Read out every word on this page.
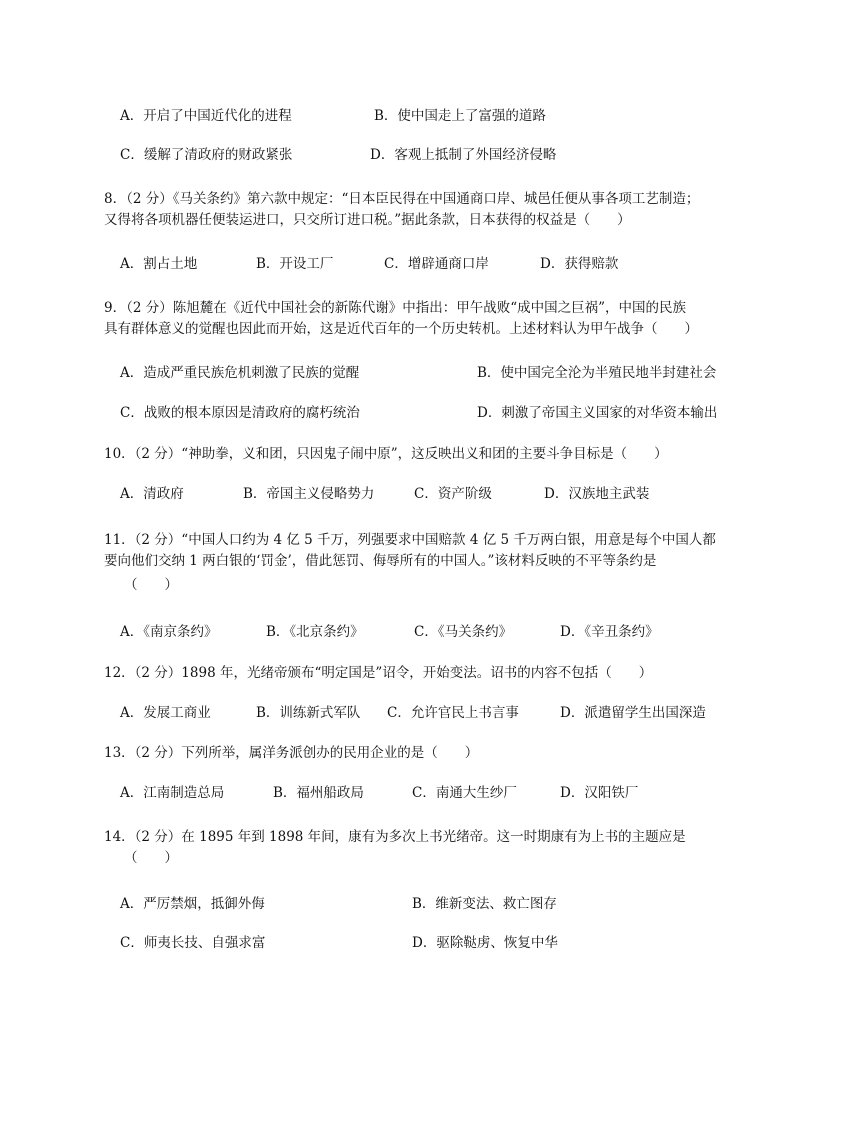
A．开启了中国近代化的进程	B．使中国走上了富强的道路
C．缓解了清政府的财政紧张	D．客观上抵制了外国经济侵略
8．（2 分）《马关条约》第六款中规定：“日本臣民得在中国通商口岸、城邑任便从事各项工艺制造；
又得将各项机器任便装运进口，只交所订进口税。”据此条款，日本获得的权益是（　　）
A．割占土地	B．开设工厂	C．增辟通商口岸	D．获得赔款
9．（2 分）陈旭麓在《近代中国社会的新陈代谢》中指出：甲午战败“成中国之巨祸”，中国的民族
具有群体意义的觉醒也因此而开始，这是近代百年的一个历史转机。上述材料认为甲午战争（　　）
A．造成严重民族危机刺激了民族的觉醒	B．使中国完全沦为半殖民地半封建社会
C．战败的根本原因是清政府的腐朽统治	D．刺激了帝国主义国家的对华资本输出
10．（2 分）“神助拳，义和团，只因鬼子闹中原”，这反映出义和团的主要斗争目标是（　　）
A．清政府	B．帝国主义侵略势力	C．资产阶级	D．汉族地主武装
11．（2 分）“中国人口约为 4 亿 5 千万，列强要求中国赔款 4 亿 5 千万两白银，用意是每个中国人都
要向他们交纳 1 两白银的‘罚金’，借此惩罚、侮辱所有的中国人。”该材料反映的不平等条约是
（　　）
A．《南京条约》	B．《北京条约》	C．《马关条约》	D．《辛丑条约》
12．（2 分）1898 年，光绪帝颁布“明定国是”诏令，开始变法。诏书的内容不包括（　　）
A．发展工商业	B．训练新式军队 C．允许官民上书言事	D．派遣留学生出国深造
13．（2 分）下列所举，属洋务派创办的民用企业的是（　　）
A．江南制造总局	B．福州船政局	C．南通大生纱厂	D．汉阳铁厂
14．（2 分）在 1895 年到 1898 年间，康有为多次上书光绪帝。这一时期康有为上书的主题应是
（　　）
A．严厉禁烟，抵御外侮	B．维新变法、救亡图存
C．师夷长技、自强求富	D．驱除鞑虏、恢复中华
